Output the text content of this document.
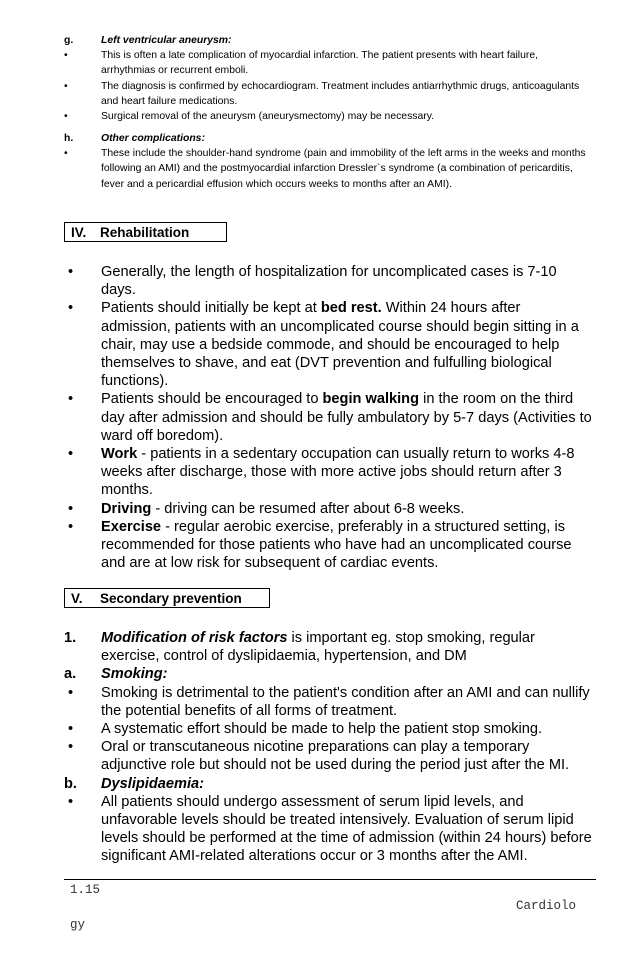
g.	Left ventricular aneurysm:
•	This is often a late complication of myocardial infarction. The patient presents with heart failure, arrhythmias or recurrent emboli.
•	The diagnosis is confirmed by echocardiogram. Treatment includes antiarrhythmic drugs, anticoagulants and heart failure medications.
•	Surgical removal of the aneurysm (aneurysmectomy) may be necessary.
h.	Other complications:
•	These include the shoulder-hand syndrome (pain and immobility of the left arms in the weeks and months following an AMI) and the postmyocardial infarction Dressler`s syndrome (a combination of pericarditis, fever and a pericardial effusion which occurs weeks to months after an AMI).
IV. Rehabilitation
•	Generally, the length of hospitalization for uncomplicated cases is 7-10 days.
•	Patients should initially be kept at bed rest. Within 24 hours after admission, patients with an uncomplicated course should begin sitting in a chair, may use a bedside commode, and should be encouraged to help themselves to shave, and eat (DVT prevention and fulfulling biological functions).
•	Patients should be encouraged to begin walking in the room on the third day after admission and should be fully ambulatory by 5-7 days (Activities to ward off boredom).
•	Work - patients in a sedentary occupation can usually return to works 4-8 weeks after discharge, those with more active jobs should return after 3 months.
•	Driving - driving can be resumed after about 6-8 weeks.
•	Exercise - regular aerobic exercise, preferably in a structured setting, is recommended for those patients who have had an uncomplicated course and are at low risk for subsequent of cardiac events.
V. Secondary prevention
1.	Modification of risk factors is important eg. stop smoking, regular exercise, control of dyslipidaemia, hypertension, and DM
a.	Smoking:
•	Smoking is detrimental to the patient's condition after an AMI and can nullify the potential benefits of all forms of treatment.
•	A systematic effort should be made to help the patient stop smoking.
•	Oral or transcutaneous nicotine preparations can play a temporary adjunctive role but should not be used during the period just after the MI.
b.	Dyslipidaemia:
•	All patients should undergo assessment of serum lipid levels, and unfavorable levels should be treated intensively. Evaluation of serum lipid levels should be performed at the time of admission (within 24 hours) before significant AMI-related alterations occur or 3 months after the AMI.
1.15
Cardiolo
gy
